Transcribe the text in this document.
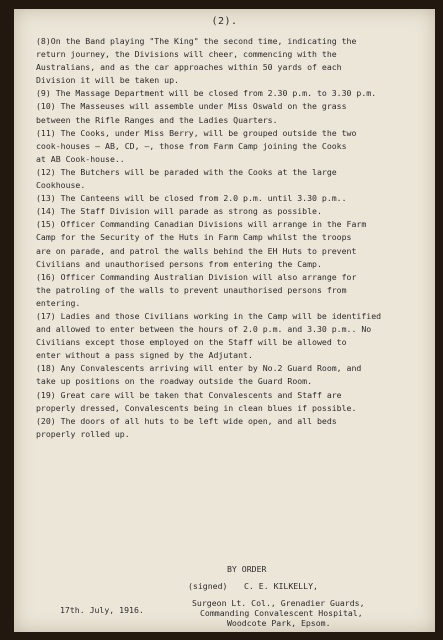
(2).
(8)On the Band playing "The King" the second time, indicating the
return journey, the Divisions will cheer, commencing with the
Australians, and as the car approaches within 50 yards of each
Division it will be taken up.
(9) The Massage Department will be closed from 2.30 p.m. to 3.30 p.m.
(10) The Masseuses will assemble under Miss Oswald on the grass
between the Rifle Ranges and the Ladies Quarters.
(11) The Cooks, under Miss Berry, will be grouped outside the two
cook-houses – AB, CD, –, those from Farm Camp joining the Cooks
at AB Cook-house..
(12) The Butchers will be paraded with the Cooks at the large
Cookhouse.
(13) The Canteens will be closed from 2.0 p.m. until 3.30 p.m..
(14) The Staff Division will parade as strong as possible.
(15) Officer Commanding Canadian Divisions will arrange in the Farm
Camp for the Security of the Huts in Farm Camp whilst the troops
are on parade, and patrol the walls behind the EH Huts to prevent
Civilians and unauthorised persons from entering the Camp.
(16) Officer Commanding Australian Division will also arrange for
the patroling of the walls to prevent unauthorised persons from
entering.
(17) Ladies and those Civilians working in the Camp will be identified
and allowed to enter between the hours of 2.0 p.m. and 3.30 p.m.. No
Civilians except those employed on the Staff will be allowed to
enter without a pass signed by the Adjutant.
(18) Any Convalescents arriving will enter by No.2 Guard Room, and
take up positions on the roadway outside the Guard Room.
(19) Great care will be taken that Convalescents and Staff are
properly dressed, Convalescents being in clean blues if possible.
(20) The doors of all huts to be left wide open, and all beds
properly rolled up.
BY ORDER
(signed) C. E. KILKELLY,
Surgeon Lt. Col., Grenadier Guards,
Commanding Convalescent Hospital,
Woodcote Park, Epsom.
17th. July, 1916.
